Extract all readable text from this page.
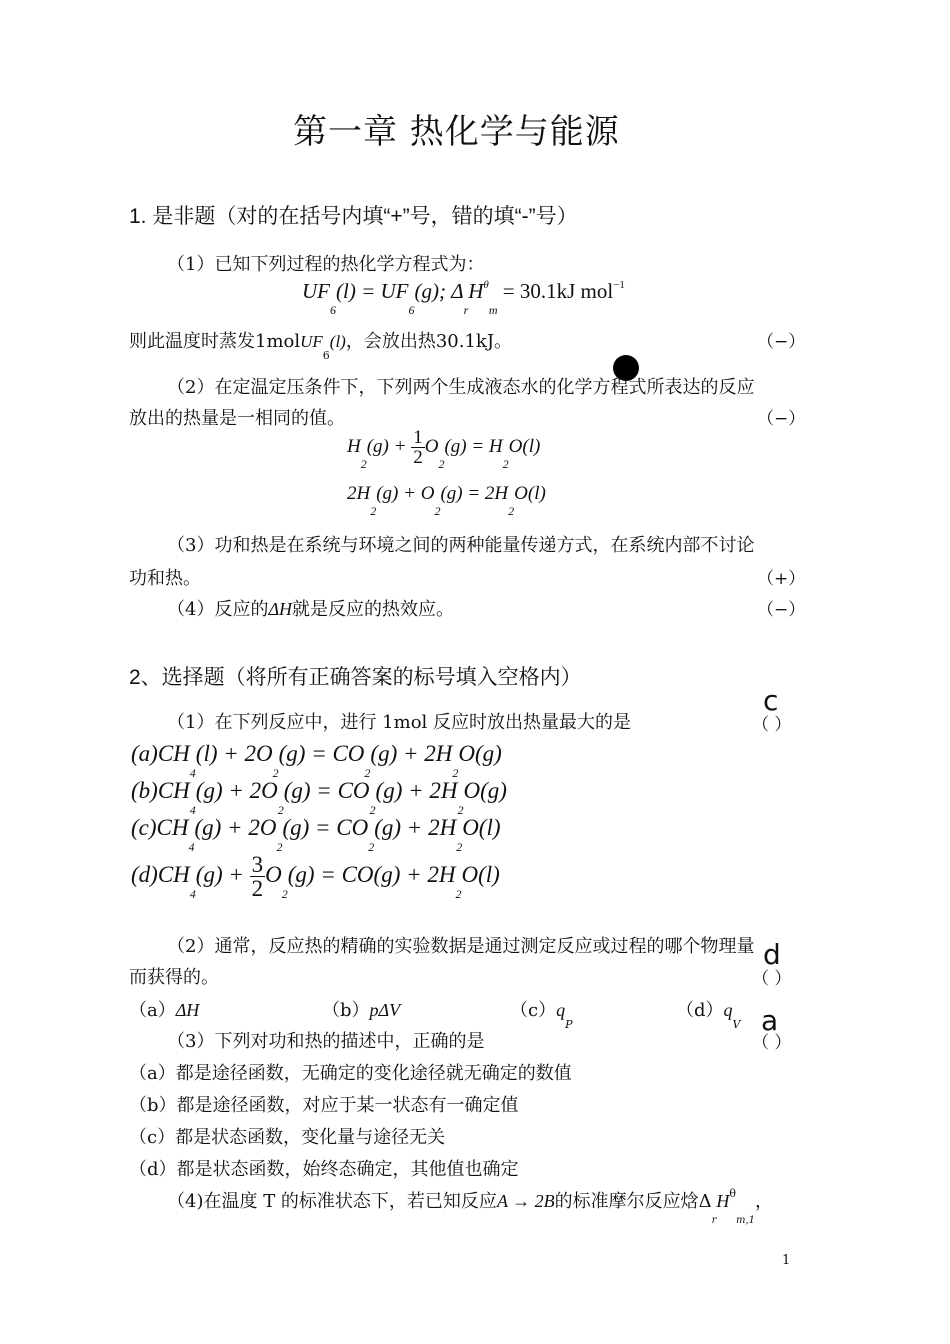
第一章 热化学与能源
1. 是非题（对的在括号内填“+”号，错的填“-”号）
（1）已知下列过程的热化学方程式为：
$UF_6(l) = UF_6(g)$; $\Delta_rH^\theta_m = 30.1kJ$ mol$^{-1}$
则此温度时蒸发1molUF$_6$(l)，会放出热30.1kJ。	（−）
（2）在定温定压条件下，下列两个生成液态水的化学方程式所表达的反应
放出的热量是一相同的值。	（−）
$H_2(g) + \frac{1}{2} O_2(g) = H_2O(l)$
$2H_2(g) + O_2(g) = 2H_2O(l)$
（3）功和热是在系统与环境之间的两种能量传递方式，在系统内部不讨论
功和热。	（+）
（4）反应的ΔH就是反应的热效应。	（−）
2、选择题（将所有正确答案的标号填入空格内）
（1）在下列反应中，进行 1mol 反应时放出热量最大的是	（ ）
c
$(a)CH_4(l) + 2O_2(g) = CO_2(g) + 2H_2O(g)$
$(b)CH_4(g) + 2O_2(g) = CO_2(g) + 2H_2O(g)$
$(c)CH_4(g) + 2O_2(g) = CO_2(g) + 2H_2O(l)$
$(d)CH_4(g) + \frac{3}{2} O_2(g) = CO(g) + 2H_2O(l)$
（2）通常，反应热的精确的实验数据是通过测定反应或过程的哪个物理量
而获得的。	（ ）
d
（a）ΔH	（b）pΔV	$(c)q_P$
$(d)q_V$
（3）下列对功和热的描述中，正确的是	（ ）
a
（a）都是途径函数，无确定的变化途径就无确定的数值
（b）都是途径函数，对应于某一状态有一确定值
（c）都是状态函数，变化量与途径无关
（d）都是状态函数，始终态确定，其他值也确定
（4)在温度 T 的标准状态下，若已知反应A → 2B的标准摩尔反应焓$\Delta_rH^\theta_{m,1}$，
1
